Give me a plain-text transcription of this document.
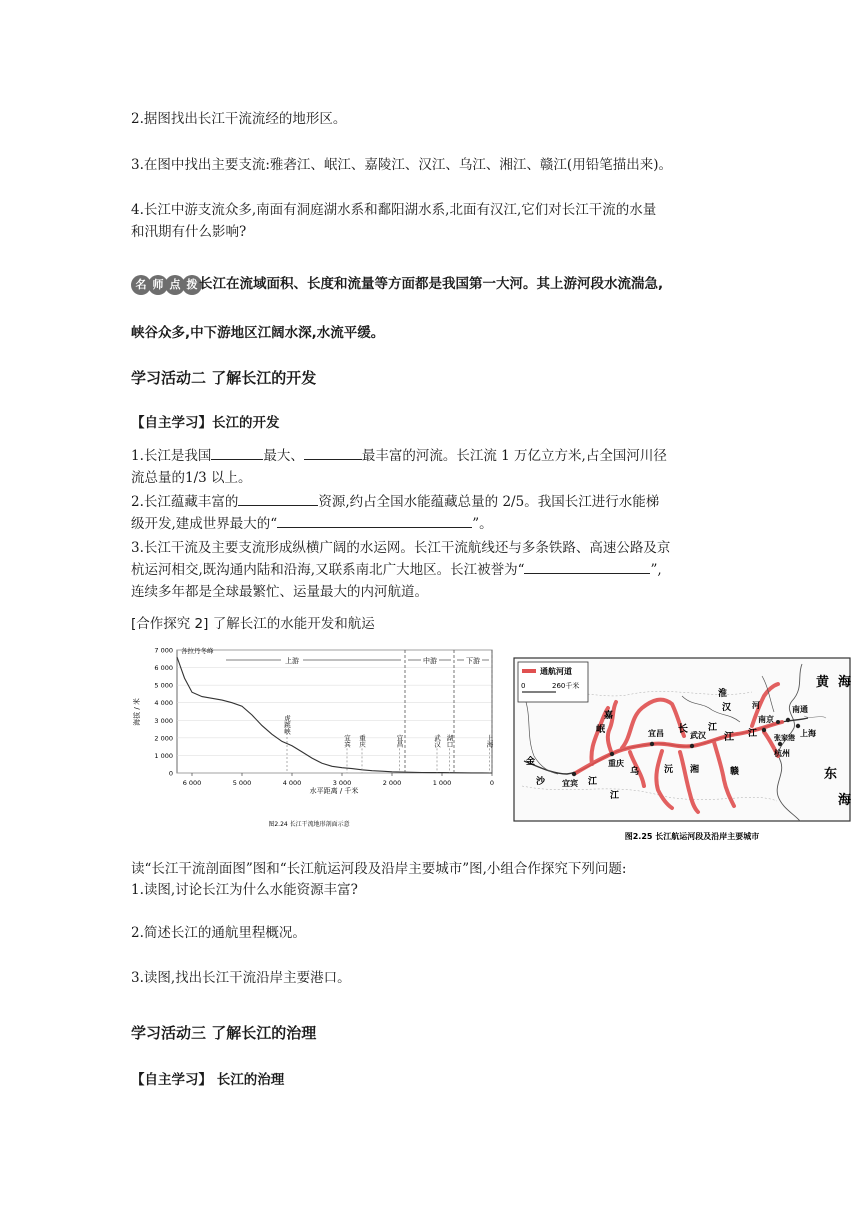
2.据图找出长江干流流经的地形区。
3.在图中找出主要支流:雅砻江、岷江、嘉陵江、汉江、乌江、湘江、赣江(用铅笔描出来)。
4.长江中游支流众多,南面有洞庭湖水系和鄱阳湖水系,北面有汉江,它们对长江干流的水量
和汛期有什么影响?
名 师 点 拨 长江在流域面积、长度和流量等方面都是我国第一大河。其上游河段水流湍急,
峡谷众多,中下游地区江阔水深,水流平缓。
学习活动二 了解长江的开发
【自主学习】长江的开发
1.长江是我国	最大、	最丰富的河流。长江流 1 万亿立方米,占全国河川径
流总量的1/3 以上。
2.长江蕴藏丰富的	资源,约占全国水能蕴藏总量的 2/5。我国长江进行水能梯
级开发,建成世界最大的“	”。
3.长江干流及主要支流形成纵横广阔的水运网。长江干流航线还与多条铁路、高速公路及京
杭运河相交,既沟通内陆和沿海,又联系南北广大地区。长江被誉为“	”,
连续多年都是全球最繁忙、运量最大的内河航道。
[合作探究 2] 了解长江的水能开发和航运
7 000
6 000
5 000
4 000
3 000
2 000
1 000
0
6 000	5 000	4 000	3 000	2 000	1 000	0
海拔 / 米
水平距离 / 千米
上游	中游	下游
各拉丹冬峰
虎跳峡
宜宾 重庆	宜昌	武汉 湖口	上海
图2.24 长江干流地形剖面示意
通航河道
0	260千米	黄 海
东
海
长
江 江
江
汉
淮
河
宜宾
重庆
宜昌	武汉
南京
南通
上海
杭州
张家港
乌	沅 湘	赣
金
沙	江
江
岷
嘉
图2.25 长江航运河段及沿岸主要城市
读“长江干流剖面图”图和“长江航运河段及沿岸主要城市”图,小组合作探究下列问题:
1.读图,讨论长江为什么水能资源丰富?
2.简述长江的通航里程概况。
3.读图,找出长江干流沿岸主要港口。
学习活动三 了解长江的治理
【自主学习】 长江的治理
